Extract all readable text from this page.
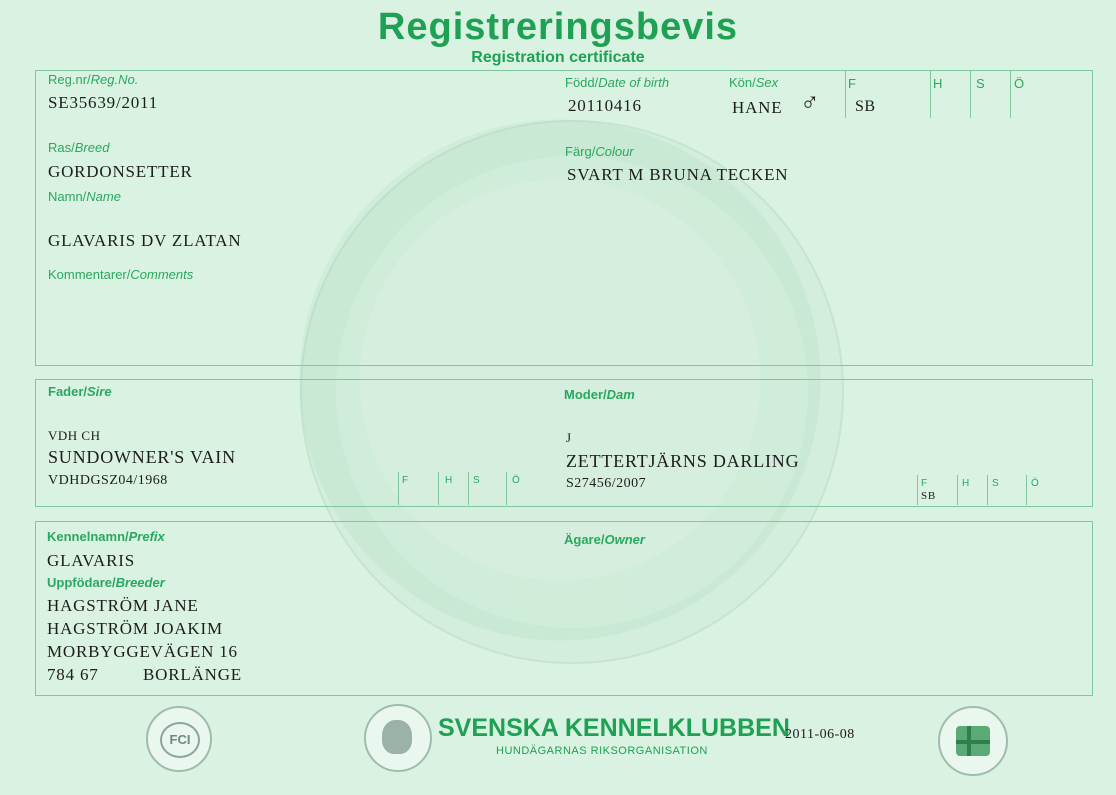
Registreringsbevis
Registration certificate
Reg.nr/Reg.No.
SE35639/2011
Född/Date of birth
20110416
Kön/Sex
HANE ♂
F
SB
H	S Ö
Ras/Breed
GORDONSETTER
Färg/Colour
SVART M BRUNA TECKEN
Namn/Name
GLAVARIS DV ZLATAN
Kommentarer/Comments
Fader/Sire
VDH CH
SUNDOWNER'S VAIN
VDHDGSZ04/1968	F	H S	Ö
Moder/Dam
J
ZETTERTJÄRNS DARLING
S27456/2007	F
SB
H S	Ö
Kennelnamn/Prefix
GLAVARIS
Ägare/Owner
Uppfödare/Breeder
HAGSTRÖM JANE
HAGSTRÖM JOAKIM
MORBYGGEVÄGEN 16
784 67	BORLÄNGE
FCI	SVENSKA KENNELKLUBBEN
HUNDÄGARNAS RIKSORGANISATION
2011-06-08
